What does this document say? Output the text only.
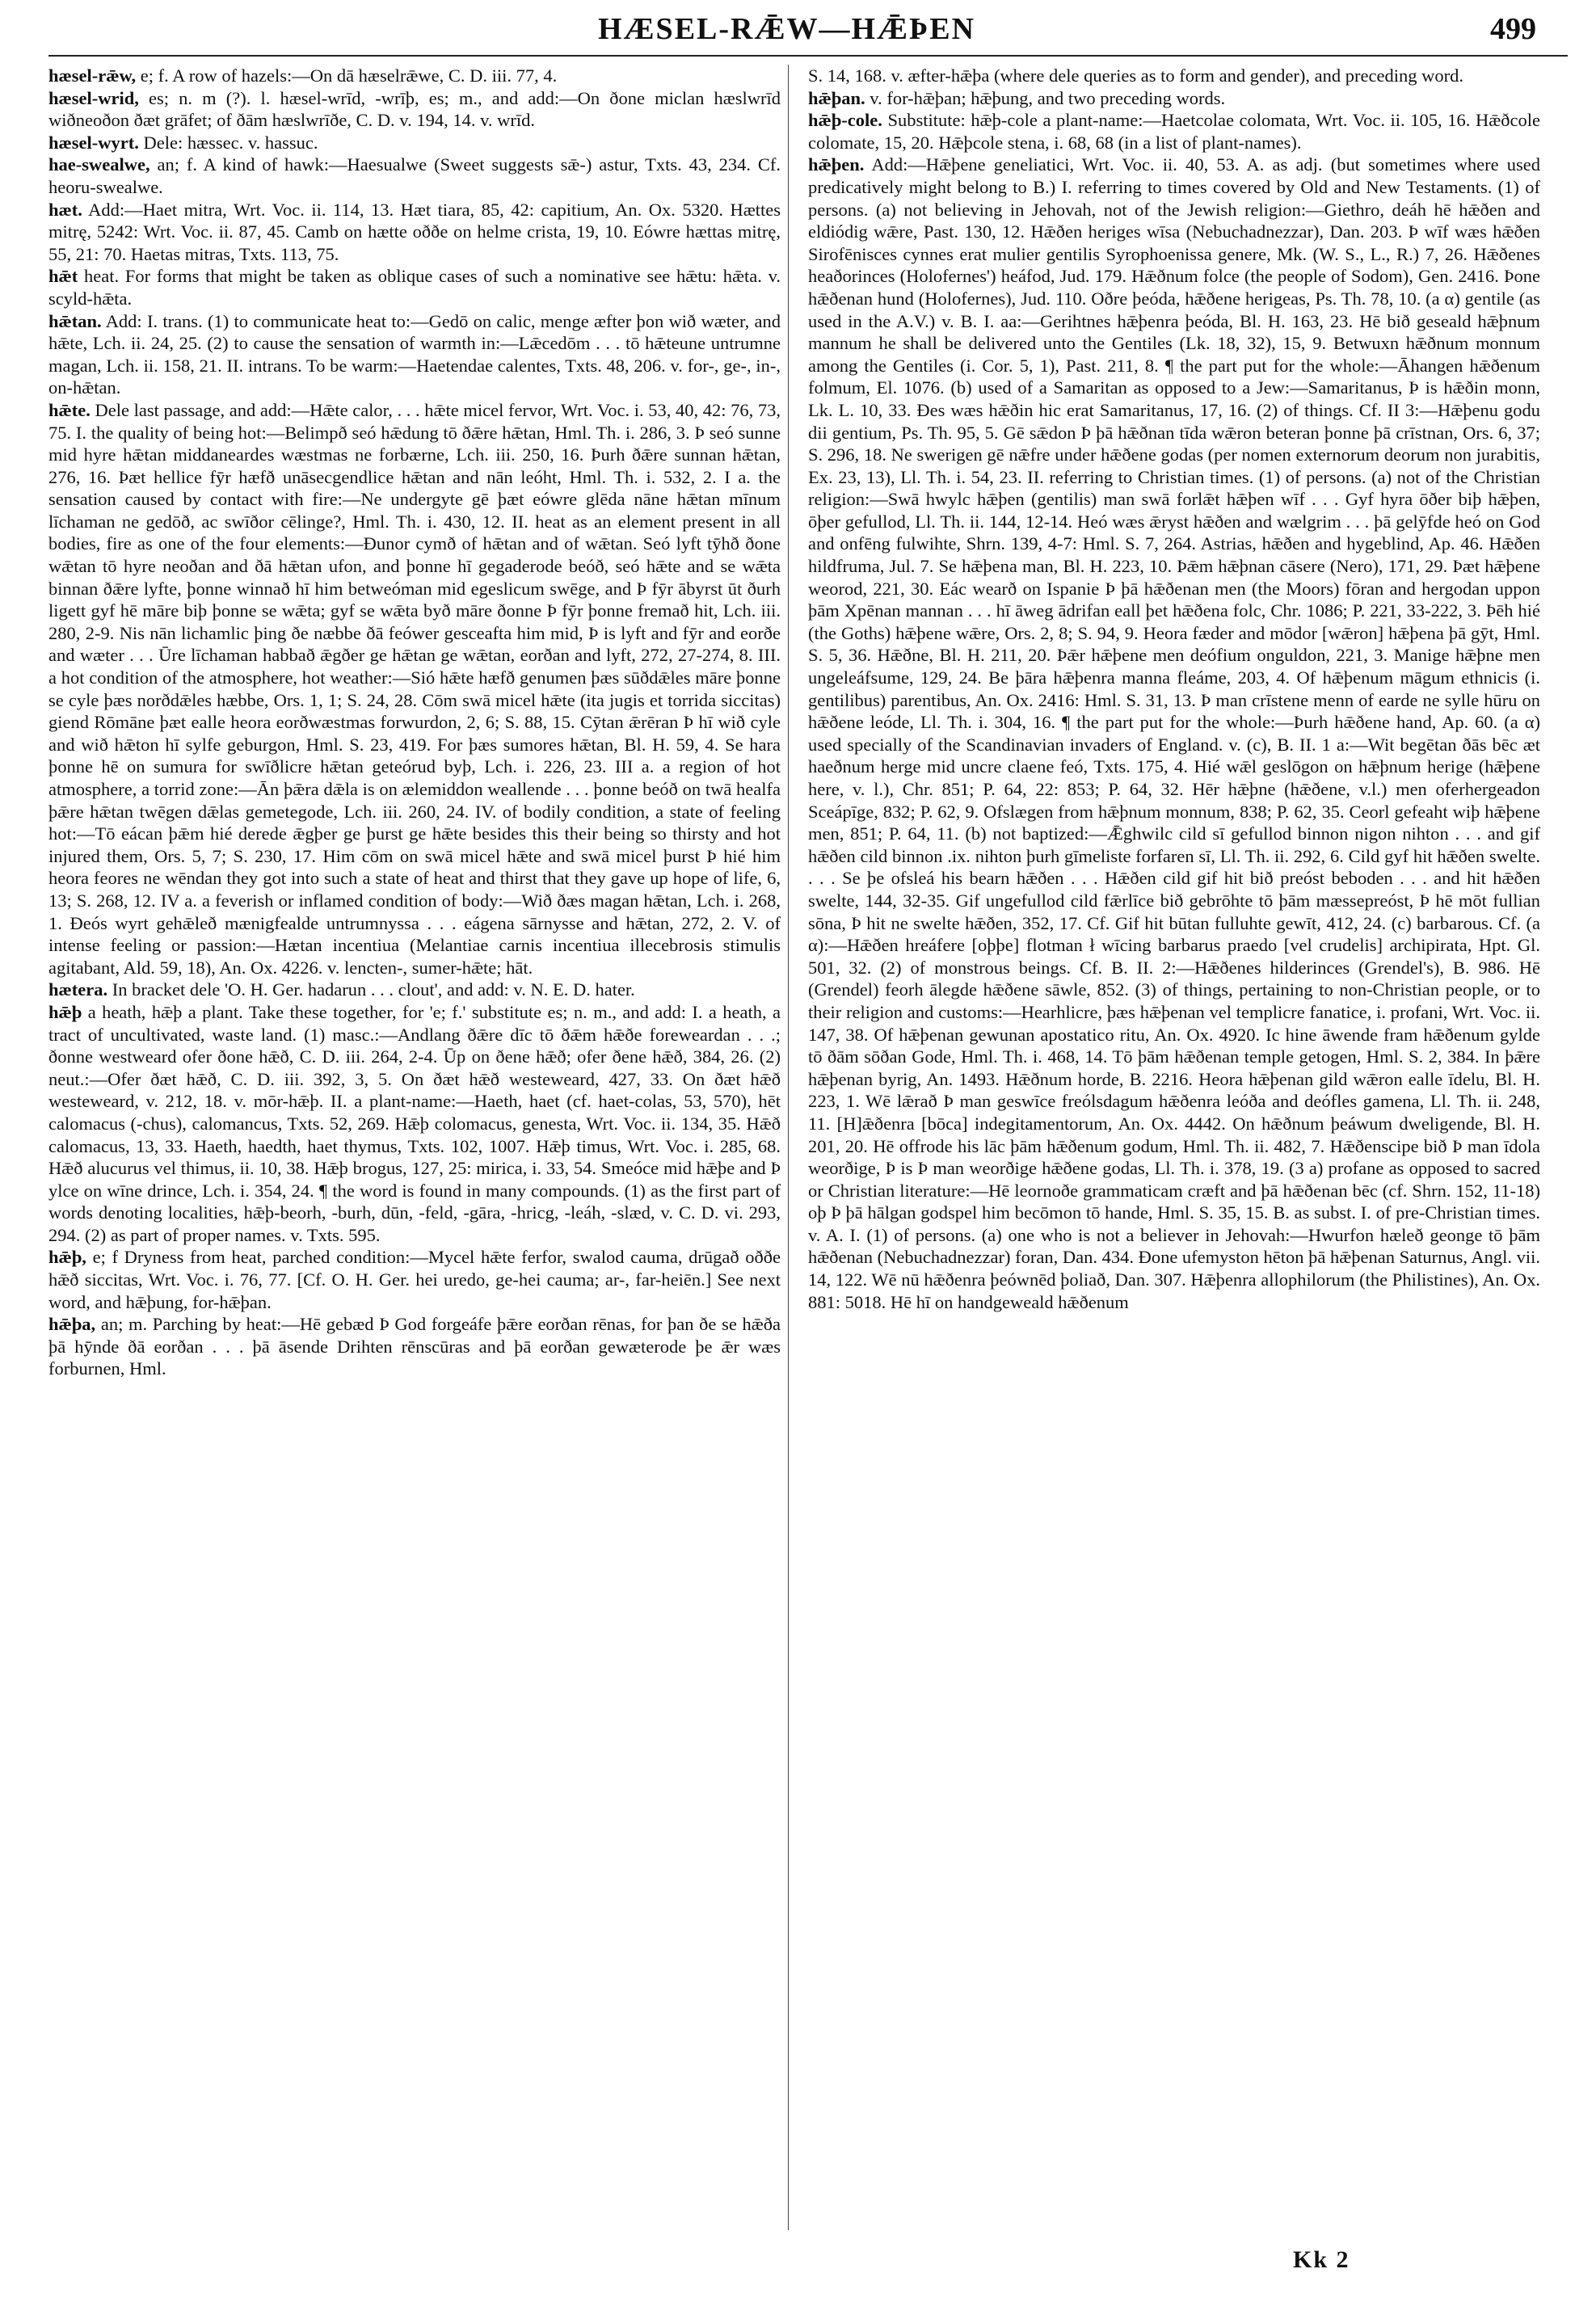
HÆSEL-RǢW—HǢÞEN	499

hæsel-rǣw, e; f. A row of hazels:—On dā hæselrǣwe, C. D. iii. 77, 4.

hæsel-wrid, es; n. m (?). l. hæsel-wrīd, -wrīþ, es; m., and add:—On ðone miclan hæslwrīd wiðneoðon ðæt grāfet; of ðām hæslwrīðe, C. D. v. 194, 14. v. wrīd.

hæsel-wyrt. Dele: hæssec. v. hassuc.

hae-swealwe, an; f. A kind of hawk:—Haesualwe (Sweet suggests sǣ-) astur, Txts. 43, 234. Cf. heoru-swealwe.

hæt. Add:—Haet mitra, Wrt. Voc. ii. 114, 13. Hæt tiara, 85, 42: capitium, An. Ox. 5320. Hættes mitrę, 5242: Wrt. Voc. ii. 87, 45. Camb on hætte oððe on helme crista, 19, 10. Eówre hættas mitrę, 55, 21: 70. Haetas mitras, Txts. 113, 75.

hǣt heat. For forms that might be taken as oblique cases of such a nominative see hǣtu: hǣta. v. scyld-hǣta.

hǣtan. Add: I. trans. (1) to communicate heat to:—Gedō on calic, menge æfter þon wið wæter, and hǣte, Lch. ii. 24, 25. (2) to cause the sensation of warmth in:—Lǣcedōm . . . tō hǣteune untrumne magan, Lch. ii. 158, 21. II. intrans. To be warm:—Haetendae calentes, Txts. 48, 206. v. for-, ge-, in-, on-hǣtan.

hǣte. Dele last passage, and add:—Hǣte calor, . . . hǣte micel fervor, Wrt. Voc. i. 53, 40, 42: 76, 73, 75. I. the quality of being hot:—Belimpð seó hǣdung tō ðǣre hǣtan, Hml. Th. i. 286, 3. Þ seó sunne mid hyre hǣtan middaneardes wæstmas ne forbærne, Lch. iii. 250, 16. Þurh ðǣre sunnan hǣtan, 276, 16. Þæt hellice fȳr hæfð unāsecgendlice hǣtan and nān leóht, Hml. Th. i. 532, 2. I a. the sensation caused by contact with fire:—Ne undergyte gē þæt eówre glēda nāne hǣtan mīnum līchaman ne gedōð, ac swīðor cēlinge?, Hml. Th. i. 430, 12. II. heat as an element present in all bodies, fire as one of the four elements:—Ðunor cymð of hǣtan and of wǣtan. Seó lyft tȳhð ðone wǣtan tō hyre neoðan and ðā hǣtan ufon, and þonne hī gegaderode beóð, seó hǣte and se wǣta binnan ðǣre lyfte, þonne winnað hī him betweóman mid egeslicum swēge, and Þ fȳr ābyrst ūt ðurh ligett gyf hē māre biþ þonne se wǣta; gyf se wǣta byð māre ðonne Þ fȳr þonne fremað hit, Lch. iii. 280, 2-9. Nis nān lichamlic þing ðe næbbe ðā feówer gesceafta him mid, Þ is lyft and fȳr and eorðe and wæter . . . Ūre līchaman habbað ǣgðer ge hǣtan ge wǣtan, eorðan and lyft, 272, 27-274, 8. III. a hot condition of the atmosphere, hot weather:—Sió hǣte hæfð genumen þæs sūðdǣles māre þonne se cyle þæs norðdǣles hæbbe, Ors. 1, 1; S. 24, 28. Cōm swā micel hǣte (ita jugis et torrida siccitas) giend Rōmāne þæt ealle heora eorðwæstmas forwurdon, 2, 6; S. 88, 15. Cȳtan ǣrēran Þ hī wið cyle and wið hǣton hī sylfe geburgon, Hml. S. 23, 419. For þæs sumores hǣtan, Bl. H. 59, 4. Se hara þonne hē on sumura for swīðlicre hǣtan geteórud byþ, Lch. i. 226, 23. III a. a region of hot atmosphere, a torrid zone:—Ān þǣra dǣla is on ælemiddon weallende . . . þonne beóð on twā healfa þǣre hǣtan twēgen dǣlas gemetegode, Lch. iii. 260, 24. IV. of bodily condition, a state of feeling hot:—Tō eácan þǣm hié derede ǣgþer ge þurst ge hǣte besides this their being so thirsty and hot injured them, Ors. 5, 7; S. 230, 17. Him cōm on swā micel hǣte and swā micel þurst Þ hié him heora feores ne wēndan they got into such a state of heat and thirst that they gave up hope of life, 6, 13; S. 268, 12. IV a. a feverish or inflamed condition of body:—Wið ðæs magan hǣtan, Lch. i. 268, 1. Ðeós wyrt gehǣleð mænigfealde untrumnyssa . . . eágena sārnysse and hǣtan, 272, 2. V. of intense feeling or passion:—Hætan incentiua (Melantiae carnis incentiua illecebrosis stimulis agitabant, Ald. 59, 18), An. Ox. 4226. v. lencten-, sumer-hǣte; hāt.

hætera. In bracket dele 'O. H. Ger. hadarun . . . clout', and add: v. N. E. D. hater.

hǣþ a heath, hǣþ a plant. Take these together, for 'e; f.' substitute es; n. m., and add: I. a heath, a tract of uncultivated, waste land. (1) masc.:—Andlang ðǣre dīc tō ðǣm hǣðe foreweardan . . .; ðonne westweard ofer ðone hǣð, C. D. iii. 264, 2-4. Ūp on ðene hǣð; ofer ðene hǣð, 384, 26. (2) neut.:—Ofer ðæt hǣð, C. D. iii. 392, 3, 5. On ðæt hǣð westeweard, 427, 33. On ðæt hǣð westeweard, v. 212, 18. v. mōr-hǣþ. II. a plant-name:—Haeth, haet (cf. haet-colas, 53, 570), hēt calomacus (-chus), calomancus, Txts. 52, 269. Hǣþ colomacus, genesta, Wrt. Voc. ii. 134, 35. Hǣð calomacus, 13, 33. Haeth, haedth, haet thymus, Txts. 102, 1007. Hǣþ timus, Wrt. Voc. i. 285, 68. Hǣð alucurus vel thimus, ii. 10, 38. Hǣþ brogus, 127, 25: mirica, i. 33, 54. Smeóce mid hǣþe and Þ ylce on wīne drince, Lch. i. 354, 24. ¶ the word is found in many compounds. (1) as the first part of words denoting localities, hǣþ-beorh, -burh, dūn, -feld, -gāra, -hricg, -leáh, -slæd, v. C. D. vi. 293, 294. (2) as part of proper names. v. Txts. 595.

hǣþ, e; f Dryness from heat, parched condition:—Mycel hǣte ferfor, swalod cauma, drūgað oððe hǣð siccitas, Wrt. Voc. i. 76, 77. [Cf. O. H. Ger. hei uredo, ge-hei cauma; ar-, far-heiēn.] See next word, and hǣþung, for-hǣþan.

hǣþa, an; m. Parching by heat:—Hē gebæd Þ God forgeáfe þǣre eorðan rēnas, for þan ðe se hǣða þā hȳnde ðā eorðan . . . þā āsende Drihten rēnscūras and þā eorðan gewæterode þe ǣr wæs forburnen, Hml.

S. 14, 168. v. æfter-hǣþa (where dele queries as to form and gender), and preceding word.

hǣþan. v. for-hǣþan; hǣþung, and two preceding words.

hǣþ-cole. Substitute: hǣþ-cole a plant-name:—Haetcolae colomata, Wrt. Voc. ii. 105, 16. Hǣðcole colomate, 15, 20. Hǣþcole stena, i. 68, 68 (in a list of plant-names).

hǣþen. Add:—Hǣþene geneliatici, Wrt. Voc. ii. 40, 53. A. as adj. (but sometimes where used predicatively might belong to B.) I. referring to times covered by Old and New Testaments. (1) of persons. (a) not believing in Jehovah, not of the Jewish religion:—Giethro, deáh hē hǣðen and eldiódig wǣre, Past. 130, 12. Hǣðen heriges wīsa (Nebuchadnezzar), Dan. 203. Þ wīf wæs hǣðen Sirofēnisces cynnes erat mulier gentilis Syrophoenissa genere, Mk. (W. S., L., R.) 7, 26. Hǣðenes heaðorinces (Holofernes') heáfod, Jud. 179. Hǣðnum folce (the people of Sodom), Gen. 2416. Þone hǣðenan hund (Holofernes), Jud. 110. Oðre þeóda, hǣðene herigeas, Ps. Th. 78, 10. (a α) gentile (as used in the A.V.) v. B. I. aa:—Gerihtnes hǣþenra þeóda, Bl. H. 163, 23. Hē bið geseald hǣþnum mannum he shall be delivered unto the Gentiles (Lk. 18, 32), 15, 9. Betwuxn hǣðnum monnum among the Gentiles (i. Cor. 5, 1), Past. 211, 8. ¶ the part put for the whole:—Āhangen hǣðenum folmum, El. 1076. (b) used of a Samaritan as opposed to a Jew:—Samaritanus, Þ is hǣðin monn, Lk. L. 10, 33. Ðes wæs hǣðin hic erat Samaritanus, 17, 16. (2) of things. Cf. II 3:—Hǣþenu godu dii gentium, Ps. Th. 95, 5. Gē sǣdon Þ þā hǣðnan tīda wǣron beteran þonne þā crīstnan, Ors. 6, 37; S. 296, 18. Ne swerigen gē nǣfre under hǣðene godas (per nomen externorum deorum non jurabitis, Ex. 23, 13), Ll. Th. i. 54, 23. II. referring to Christian times. (1) of persons. (a) not of the Christian religion:—Swā hwylc hǣþen (gentilis) man swā forlǣt hǣþen wīf . . . Gyf hyra ōðer biþ hǣþen, ōþer gefullod, Ll. Th. ii. 144, 12-14. Heó wæs ǣryst hǣðen and wælgrim . . . þā gelȳfde heó on God and onfēng fulwihte, Shrn. 139, 4-7: Hml. S. 7, 264. Astrias, hǣðen and hygeblind, Ap. 46. Hǣðen hildfruma, Jul. 7. Se hǣþena man, Bl. H. 223, 10. Þǣm hǣþnan cāsere (Nero), 171, 29. Þæt hǣþene weorod, 221, 30. Eác wearð on Ispanie Þ þā hǣðenan men (the Moors) fōran and hergodan uppon þām Xpēnan mannan . . . hī āweg ādrifan eall þet hǣðena folc, Chr. 1086; P. 221, 33-222, 3. Þēh hié (the Goths) hǣþene wǣre, Ors. 2, 8; S. 94, 9. Heora fæder and mōdor [wǣron] hǣþena þā gȳt, Hml. S. 5, 36. Hǣðne, Bl. H. 211, 20. Þǣr hǣþene men deófium onguldon, 221, 3. Manige hǣþne men ungeleáfsume, 129, 24. Be þāra hǣþenra manna fleáme, 203, 4. Of hǣþenum māgum ethnicis (i. gentilibus) parentibus, An. Ox. 2416: Hml. S. 31, 13. Þ man crīstene menn of earde ne sylle hūru on hǣðene leóde, Ll. Th. i. 304, 16. ¶ the part put for the whole:—Þurh hǣðene hand, Ap. 60. (a α) used specially of the Scandinavian invaders of England. v. (c), B. II. 1 a:—Wit begētan ðās bēc æt haeðnum herge mid uncre claene feó, Txts. 175, 4. Hié wǣl geslōgon on hǣþnum herige (hǣþene here, v. l.), Chr. 851; P. 64, 22: 853; P. 64, 32. Hēr hǣþne (hǣðene, v.l.) men oferhergeadon Sceápīge, 832; P. 62, 9. Ofslægen from hǣþnum monnum, 838; P. 62, 35. Ceorl gefeaht wiþ hǣþene men, 851; P. 64, 11. (b) not baptized:—Ǣghwilc cild sī gefullod binnon nigon nihton . . . and gif hǣðen cild binnon .ix. nihton þurh gīmeliste forfaren sī, Ll. Th. ii. 292, 6. Cild gyf hit hǣðen swelte. . . . Se þe ofsleá his bearn hǣðen . . . Hǣðen cild gif hit bið preóst beboden . . . and hit hǣðen swelte, 144, 32-35. Gif ungefullod cild fǣrlīce bið gebrōhte tō þām mæssepreóst, Þ hē mōt fullian sōna, Þ hit ne swelte hǣðen, 352, 17. Cf. Gif hit būtan fulluhte gewīt, 412, 24. (c) barbarous. Cf. (a α):—Hǣðen hreáfere [oþþe] flotman ł wīcing barbarus praedo [vel crudelis] archipirata, Hpt. Gl. 501, 32. (2) of monstrous beings. Cf. B. II. 2:—Hǣðenes hilderinces (Grendel's), B. 986. Hē (Grendel) feorh ālegde hǣðene sāwle, 852. (3) of things, pertaining to non-Christian people, or to their religion and customs:—Hearhlicre, þæs hǣþenan vel templicre fanatice, i. profani, Wrt. Voc. ii. 147, 38. Of hǣþenan gewunan apostatico ritu, An. Ox. 4920. Ic hine āwende fram hǣðenum gylde tō ðām sōðan Gode, Hml. Th. i. 468, 14. Tō þām hǣðenan temple getogen, Hml. S. 2, 384. In þǣre hǣþenan byrig, An. 1493. Hǣðnum horde, B. 2216. Heora hǣþenan gild wǣron ealle īdelu, Bl. H. 223, 1. Wē lǣrað Þ man geswīce freólsdagum hǣðenra leóða and deófles gamena, Ll. Th. ii. 248, 11. [H]ǣðenra [bōca] indegitamentorum, An. Ox. 4442. On hǣðnum þeáwum dweligende, Bl. H. 201, 20. Hē offrode his lāc þām hǣðenum godum, Hml. Th. ii. 482, 7. Hǣðenscipe bið Þ man īdola weorðige, Þ is Þ man weorðige hǣðene godas, Ll. Th. i. 378, 19. (3 a) profane as opposed to sacred or Christian literature:—Hē leornoðe grammaticam cræft and þā hǣðenan bēc (cf. Shrn. 152, 11-18) oþ Þ þā hālgan godspel him becōmon tō hande, Hml. S. 35, 15. B. as subst. I. of pre-Christian times. v. A. I. (1) of persons. (a) one who is not a believer in Jehovah:—Hwurfon hæleð geonge tō þām hǣðenan (Nebuchadnezzar) foran, Dan. 434. Ðone ufemyston hēton þā hǣþenan Saturnus, Angl. vii. 14, 122. Wē nū hǣðenra þeównēd þoliað, Dan. 307. Hǣþenra allophilorum (the Philistines), An. Ox. 881: 5018. Hē hī on handgeweald hǣðenum

Kk 2
